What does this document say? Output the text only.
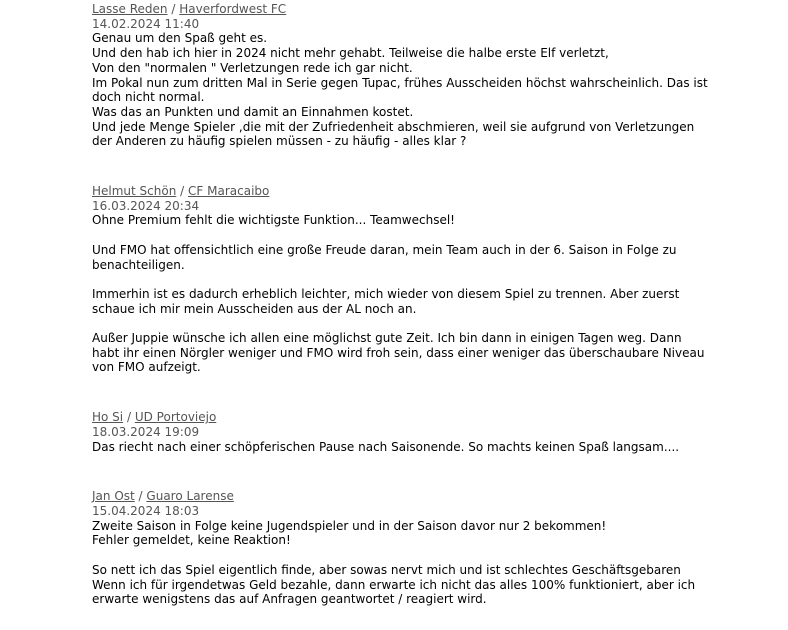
Lasse Reden / Haverfordwest FC
14.02.2024 11:40
Genau um den Spaß geht es.
Und den hab ich hier in 2024 nicht mehr gehabt. Teilweise die halbe erste Elf verletzt,
Von den "normalen " Verletzungen rede ich gar nicht.
Im Pokal nun zum dritten Mal in Serie gegen Tupac, frühes Ausscheiden höchst wahrscheinlich. Das ist doch nicht normal.
Was das an Punkten und damit an Einnahmen kostet.
Und jede Menge Spieler ,die mit der Zufriedenheit abschmieren, weil sie aufgrund von Verletzungen der Anderen zu häufig spielen müssen - zu häufig - alles klar ?
Helmut Schön / CF Maracaibo
16.03.2024 20:34
Ohne Premium fehlt die wichtigste Funktion... Teamwechsel!

Und FMO hat offensichtlich eine große Freude daran, mein Team auch in der 6. Saison in Folge zu benachteiligen.

Immerhin ist es dadurch erheblich leichter, mich wieder von diesem Spiel zu trennen. Aber zuerst schaue ich mir mein Ausscheiden aus der AL noch an.

Außer Juppie wünsche ich allen eine möglichst gute Zeit. Ich bin dann in einigen Tagen weg. Dann habt ihr einen Nörgler weniger und FMO wird froh sein, dass einer weniger das überschaubare Niveau von FMO aufzeigt.
Ho Si / UD Portoviejo
18.03.2024 19:09
Das riecht nach einer schöpferischen Pause nach Saisonende. So machts keinen Spaß langsam....
Jan Ost / Guaro Larense
15.04.2024 18:03
Zweite Saison in Folge keine Jugendspieler und in der Saison davor nur 2 bekommen!
Fehler gemeldet, keine Reaktion!

So nett ich das Spiel eigentlich finde, aber sowas nervt mich und ist schlechtes Geschäftsgebaren
Wenn ich für irgendetwas Geld bezahle, dann erwarte ich nicht das alles 100% funktioniert, aber ich erwarte wenigstens das auf Anfragen geantwortet / reagiert wird.
